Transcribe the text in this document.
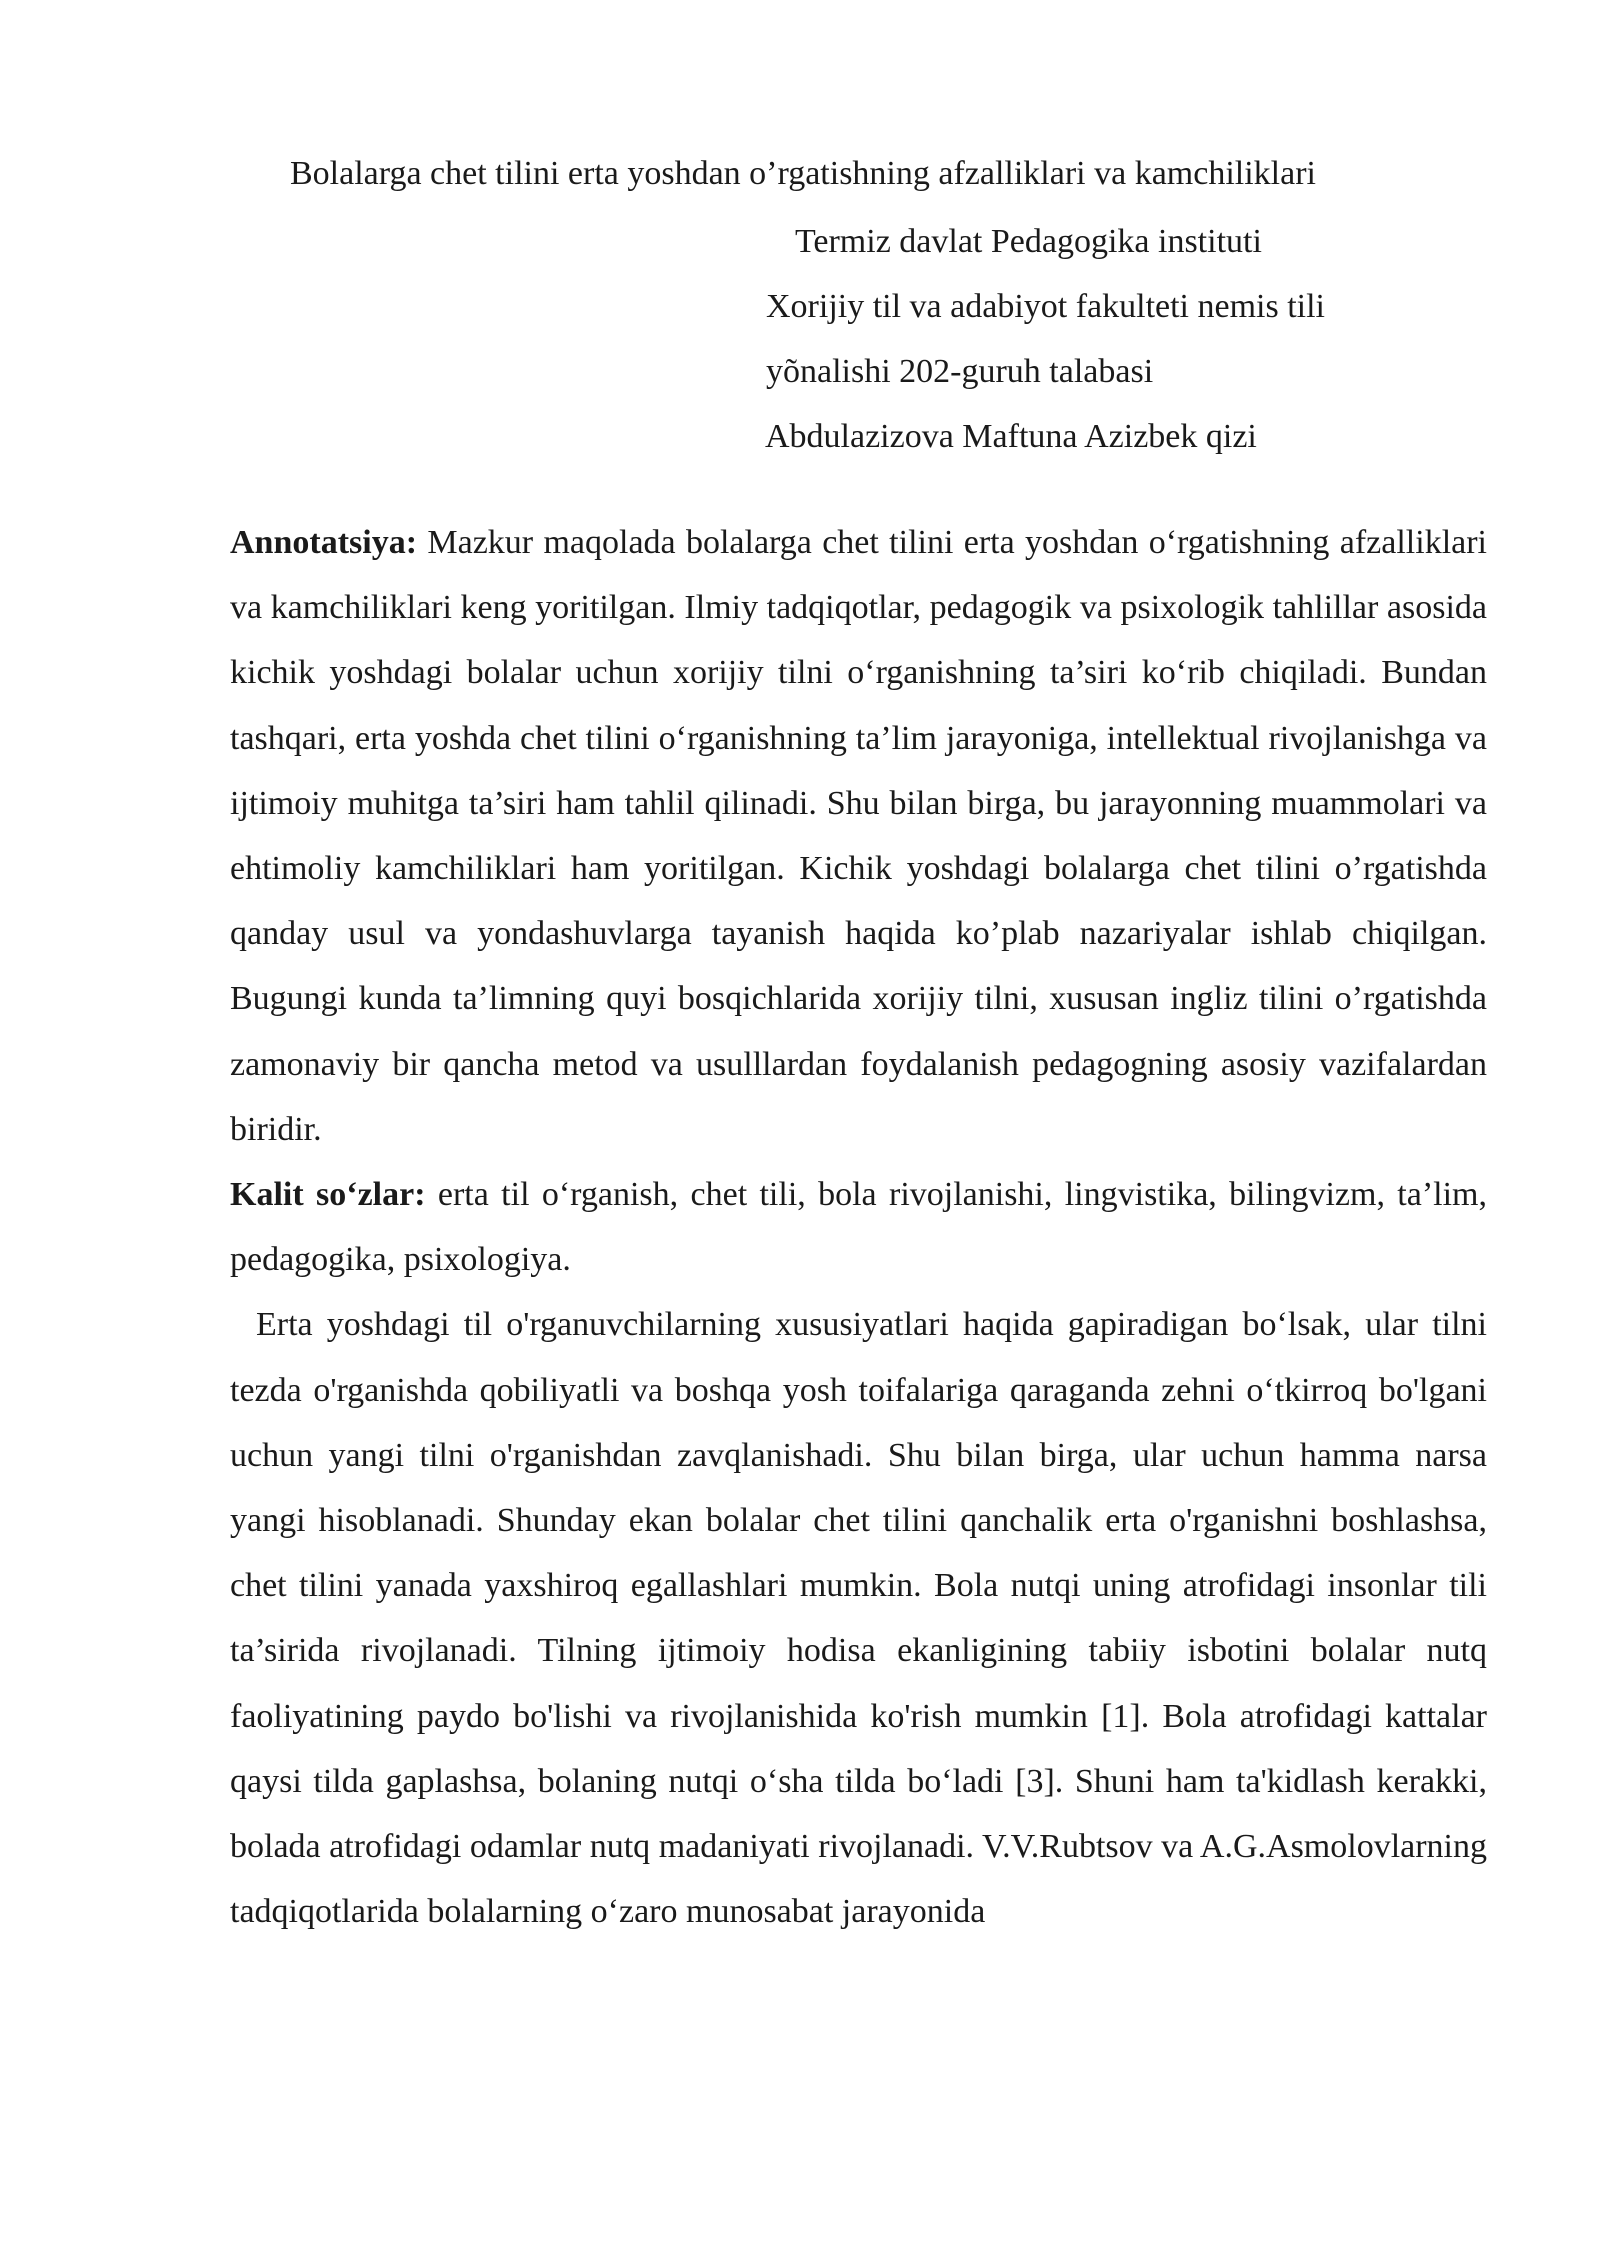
Bolalarga chet tilini erta yoshdan o’rgatishning afzalliklari va kamchiliklari
Termiz davlat Pedagogika instituti
Xorijiy til va adabiyot fakulteti nemis tili
yõnalishi 202-guruh talabasi
Abdulazizova Maftuna Azizbek qizi

Annotatsiya: Mazkur maqolada bolalarga chet tilini erta yoshdan o‘rgatishning afzalliklari va kamchiliklari keng yoritilgan. Ilmiy tadqiqotlar, pedagogik va psixologik tahlillar asosida kichik yoshdagi bolalar uchun xorijiy tilni o‘rganishning ta’siri ko‘rib chiqiladi. Bundan tashqari, erta yoshda chet tilini o‘rganishning ta’lim jarayoniga, intellektual rivojlanishga va ijtimoiy muhitga ta’siri ham tahlil qilinadi. Shu bilan birga, bu jarayonning muammolari va ehtimoliy kamchiliklari ham yoritilgan. Kichik yoshdagi bolalarga chet tilini o’rgatishda qanday usul va yondashuvlarga tayanish haqida ko’plab nazariyalar ishlab chiqilgan. Bugungi kunda ta’limning quyi bosqichlarida xorijiy tilni, xususan ingliz tilini o’rgatishda zamonaviy bir qancha metod va usulllardan foydalanish pedagogning asosiy vazifalardan biridir.

Kalit so‘zlar: erta til o‘rganish, chet tili, bola rivojlanishi, lingvistika, bilingvizm, ta’lim, pedagogika, psixologiya.

Erta yoshdagi til o'rganuvchilarning xususiyatlari haqida gapiradigan bo‘lsak, ular tilni tezda o'rganishda qobiliyatli va boshqa yosh toifalariga qaraganda zehni o‘tkirroq bo'lgani uchun yangi tilni o'rganishdan zavqlanishadi. Shu bilan birga, ular uchun hamma narsa yangi hisoblanadi. Shunday ekan bolalar chet tilini qanchalik erta o'rganishni boshlashsa, chet tilini yanada yaxshiroq egallashlari mumkin. Bola nutqi uning atrofidagi insonlar tili ta’sirida rivojlanadi. Tilning ijtimoiy hodisa ekanligining tabiiy isbotini bolalar nutq faoliyatining paydo bo'lishi va rivojlanishida ko'rish mumkin [1]. Bola atrofidagi kattalar qaysi tilda gaplashsa, bolaning nutqi o‘sha tilda bo‘ladi [3]. Shuni ham ta'kidlash kerakki, bolada atrofidagi odamlar nutq madaniyati rivojlanadi. V.V.Rubtsov va A.G.Asmolovlarning tadqiqotlarida bolalarning o‘zaro munosabat jarayonida
